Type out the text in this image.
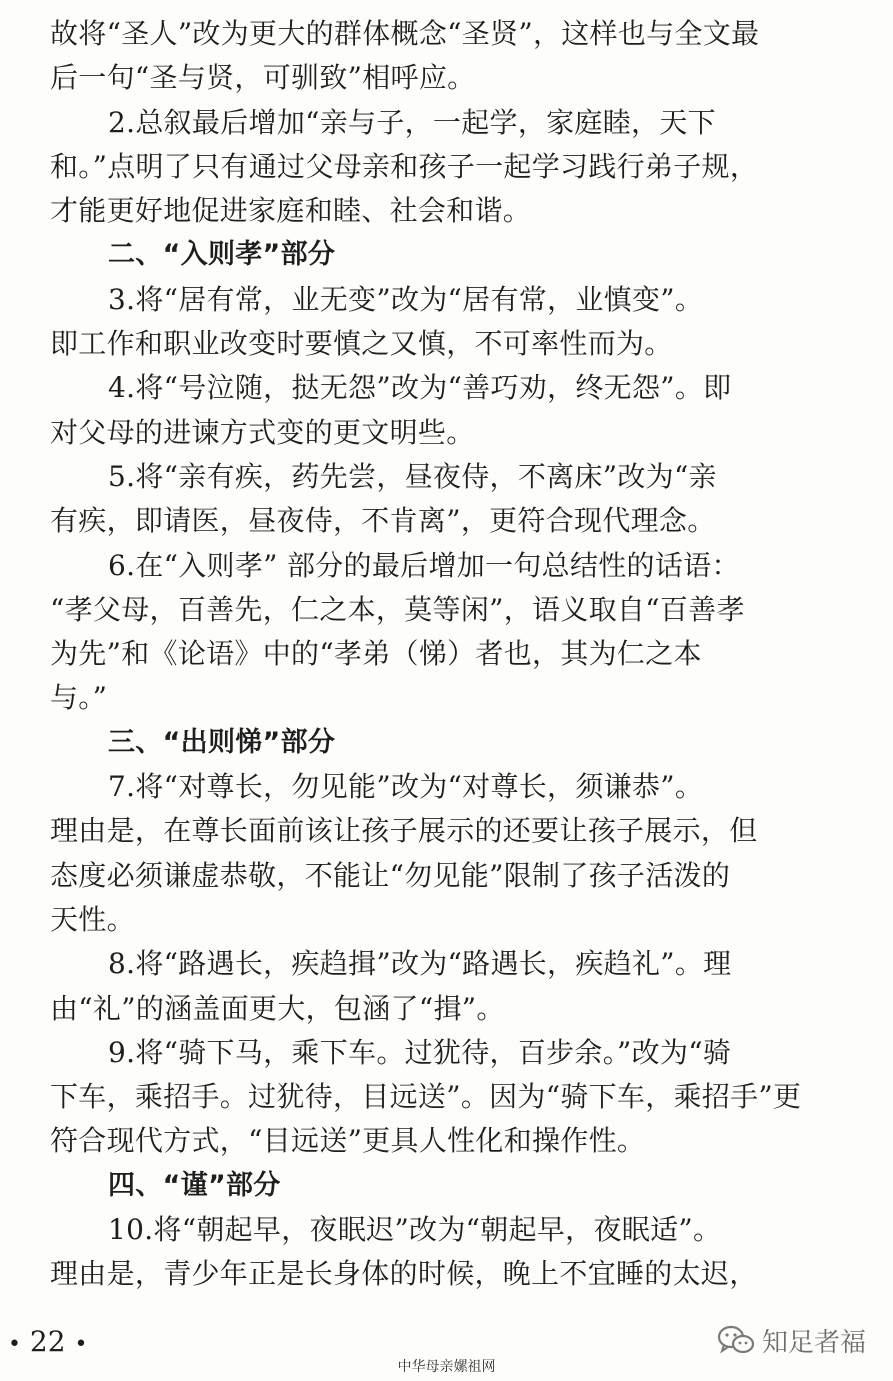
故将“圣人”改为更大的群体概念“圣贤”，这样也与全文最
后一句“圣与贤，可驯致”相呼应。
2.总叙最后增加“亲与子，一起学，家庭睦，天下
和。”点明了只有通过父母亲和孩子一起学习践行弟子规，
才能更好地促进家庭和睦、社会和谐。
二、“入则孝”部分
3.将“居有常，业无变”改为“居有常，业慎变”。
即工作和职业改变时要慎之又慎，不可率性而为。
4.将“号泣随，挞无怨”改为“善巧劝，终无怨”。即
对父母的进谏方式变的更文明些。
5.将“亲有疾，药先尝，昼夜侍，不离床”改为“亲
有疾，即请医，昼夜侍，不肯离”，更符合现代理念。
6.在“入则孝” 部分的最后增加一句总结性的话语：
“孝父母，百善先，仁之本，莫等闲”，语义取自“百善孝
为先”和《论语》中的“孝弟（悌）者也，其为仁之本
与。”
三、“出则悌”部分
7.将“对尊长，勿见能”改为“对尊长，须谦恭”。
理由是，在尊长面前该让孩子展示的还要让孩子展示，但
态度必须谦虚恭敬，不能让“勿见能”限制了孩子活泼的
天性。
8.将“路遇长，疾趋揖”改为“路遇长，疾趋礼”。理
由“礼”的涵盖面更大，包涵了“揖”。
9.将“骑下马，乘下车。过犹待，百步余。”改为“骑
下车，乘招手。过犹待，目远送”。因为“骑下车，乘招手”更
符合现代方式，“目远送”更具人性化和操作性。
四、“谨”部分
10.将“朝起早，夜眠迟”改为“朝起早，夜眠适”。
理由是，青少年正是长身体的时候，晚上不宜睡的太迟，
• 22 •	知足者福
中华母亲嫘祖网
